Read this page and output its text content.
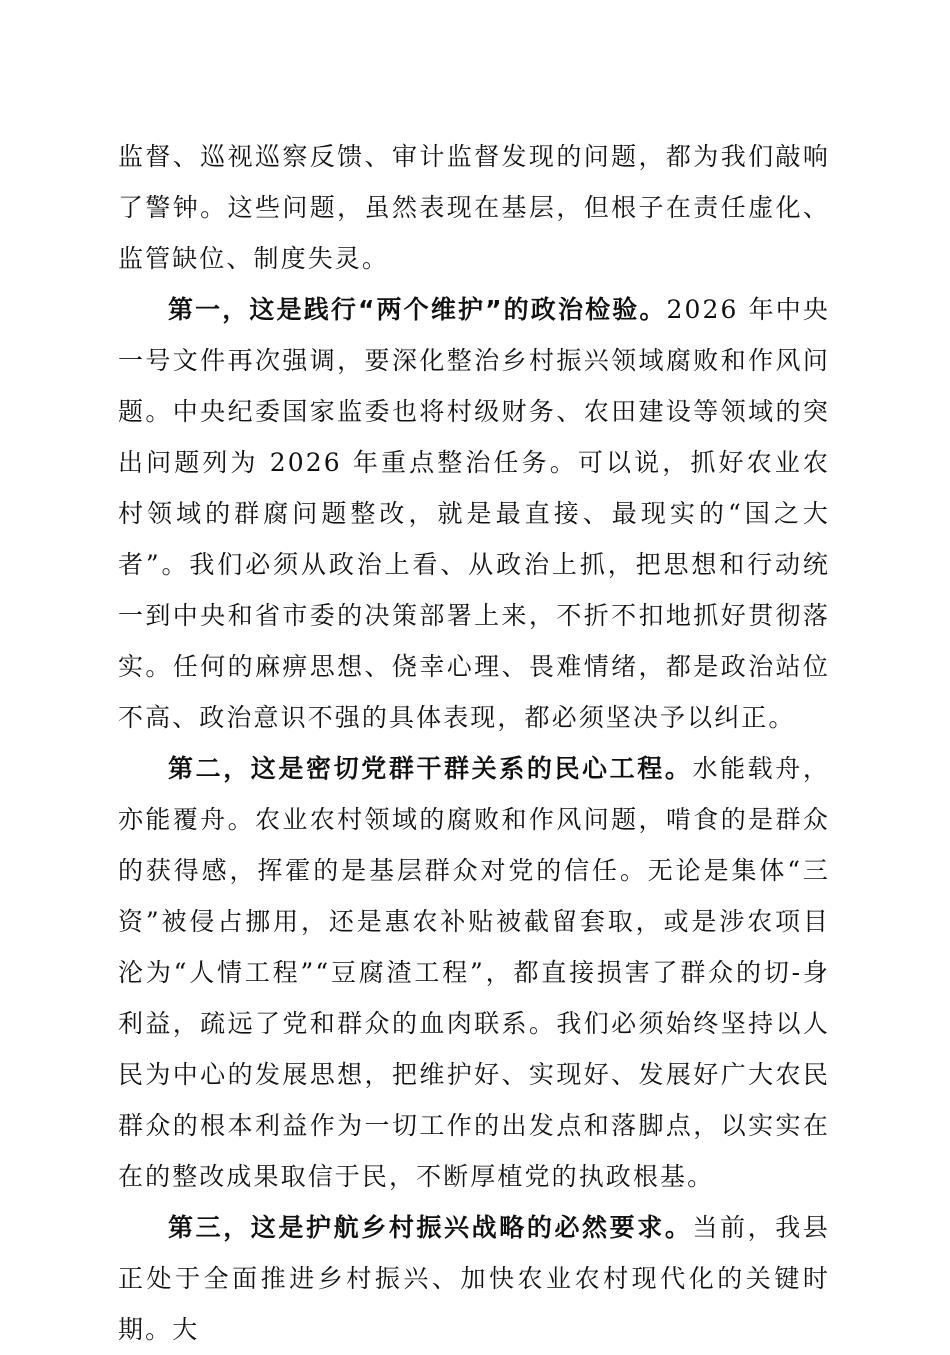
监督、巡视巡察反馈、审计监督发现的问题，都为我们敲响了警钟。这些问题，虽然表现在基层，但根子在责任虚化、监管缺位、制度失灵。

第一，这是践行“两个维护”的政治检验。2026 年中央一号文件再次强调，要深化整治乡村振兴领域腐败和作风问题。中央纪委国家监委也将村级财务、农田建设等领域的突出问题列为 2026 年重点整治任务。可以说，抓好农业农村领域的群腐问题整改，就是最直接、最现实的“国之大者”。我们必须从政治上看、从政治上抓，把思想和行动统一到中央和省市委的决策部署上来，不折不扣地抓好贯彻落实。任何的麻痹思想、侥幸心理、畏难情绪，都是政治站位不高、政治意识不强的具体表现，都必须坚决予以纠正。

第二，这是密切党群干群关系的民心工程。水能载舟，亦能覆舟。农业农村领域的腐败和作风问题，啃食的是群众的获得感，挥霍的是基层群众对党的信任。无论是集体“三资”被侵占挪用，还是惠农补贴被截留套取，或是涉农项目沦为“人情工程”“豆腐渣工程”，都直接损害了群众的切-身利益，疏远了党和群众的血肉联系。我们必须始终坚持以人民为中心的发展思想，把维护好、实现好、发展好广大农民群众的根本利益作为一切工作的出发点和落脚点，以实实在在的整改成果取信于民，不断厚植党的执政根基。

第三，这是护航乡村振兴战略的必然要求。当前，我县正处于全面推进乡村振兴、加快农业农村现代化的关键时期。大
